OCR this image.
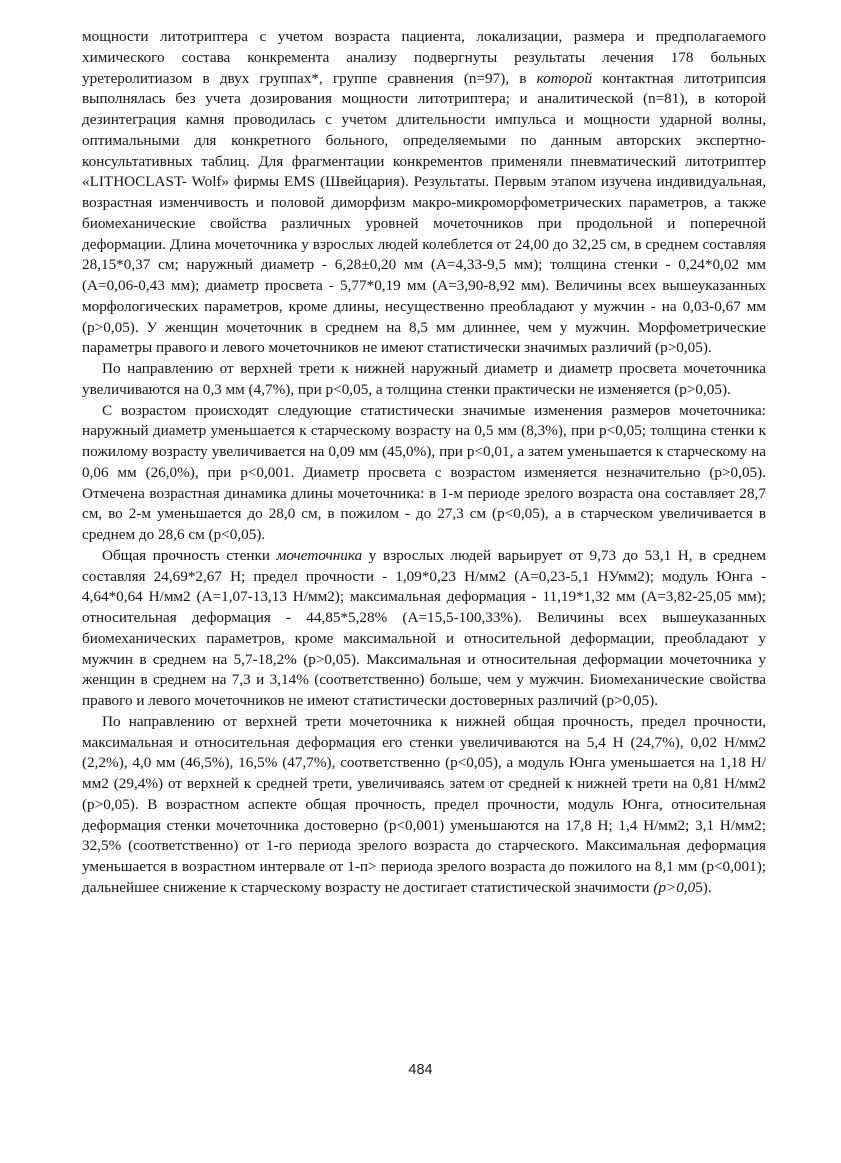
мощности литотриптера с учетом возраста пациента, локализации, размера и предполагаемого химического состава конкремента анализу подвергнуты результаты лечения 178 больных уретеролитиазом в двух группах*, группе сравнения (n=97), в которой контактная литотрипсия выполнялась без учета дозирования мощности литотриптера; и аналитической (n=81), в которой дезинтеграция камня проводилась с учетом длительности импульса и мощности ударной волны, оптимальными для конкретного больного, определяемыми по данным авторских экспертно-консультативных таблиц. Для фрагментации конкрементов применяли пневматический литотриптер «LITHOCLAST- Wolf» фирмы EMS (Швейцария). Результаты. Первым этапом изучена индивидуальная, возрастная изменчивость и половой диморфизм макро-микроморфометрических параметров, а также биомеханические свойства различных уровней мочеточников при продольной и поперечной деформации. Длина мочеточника у взрослых людей колеблется от 24,00 до 32,25 см, в среднем составляя 28,15*0,37 см; наружный диаметр - 6,28±0,20 мм (А=4,33-9,5 мм); толщина стенки - 0,24*0,02 мм (А=0,06-0,43 мм); диаметр просвета - 5,77*0,19 мм (А=3,90-8,92 мм). Величины всех вышеуказанных морфологических параметров, кроме длины, несущественно преобладают у мужчин - на 0,03-0,67 мм (р>0,05). У женщин мочеточник в среднем на 8,5 мм длиннее, чем у мужчин. Морфометрические параметры правого и левого мочеточников не имеют статистически значимых различий (р>0,05).

По направлению от верхней трети к нижней наружный диаметр и диаметр просвета мочеточника увеличиваются на 0,3 мм (4,7%), при р<0,05, а толщина стенки практически не изменяется (р>0,05).

С возрастом происходят следующие статистически значимые изменения размеров мочеточника: наружный диаметр уменьшается к старческому возрасту на 0,5 мм (8,3%), при р<0,05; толщина стенки к пожилому возрасту увеличивается на 0,09 мм (45,0%), при р<0,01, а затем уменьшается к старческому на 0,06 мм (26,0%), при р<0,001. Диаметр просвета с возрастом изменяется незначительно (р>0,05). Отмечена возрастная динамика длины мочеточника: в 1-м периоде зрелого возраста она составляет 28,7 см, во 2-м уменьшается до 28,0 см, в пожилом - до 27,3 см (р<0,05), а в старческом увеличивается в среднем до 28,6 см (р<0,05).

Общая прочность стенки мочеточника у взрослых людей варьирует от 9,73 до 53,1 Н, в среднем составляя 24,69*2,67 Н; предел прочности - 1,09*0,23 Н/мм2 (А=0,23-5,1 НУмм2); модуль Юнга - 4,64*0,64 Н/мм2 (А=1,07-13,13 Н/мм2); максимальная деформация - 11,19*1,32 мм (А=3,82-25,05 мм); относительная деформация - 44,85*5,28% (А=15,5-100,33%). Величины всех вышеуказанных биомеханических параметров, кроме максимальной и относительной деформации, преобладают у мужчин в среднем на 5,7-18,2% (р>0,05). Максимальная и относительная деформации мочеточника у женщин в среднем на 7,3 и 3,14% (соответственно) больше, чем у мужчин. Биомеханические свойства правого и левого мочеточников не имеют статистически достоверных различий (р>0,05).

По направлению от верхней трети мочеточника к нижней общая прочность, предел прочности, максимальная и относительная деформация его стенки увеличиваются на 5,4 Н (24,7%), 0,02 Н/мм2 (2,2%), 4,0 мм (46,5%), 16,5% (47,7%), соответственно (р<0,05), а модуль Юнга уменьшается на 1,18 Н/мм2 (29,4%) от верхней к средней трети, увеличиваясь затем от средней к нижней трети на 0,81 Н/мм2 (р>0,05). В возрастном аспекте общая прочность, предел прочности, модуль Юнга, относительная деформация стенки мочеточника достоверно (р<0,001) уменьшаются на 17,8 Н; 1,4 Н/мм2; 3,1 Н/мм2; 32,5% (соответственно) от 1-го периода зрелого возраста до старческого. Максимальная деформация уменьшается в возрастном интервале от 1-п> периода зрелого возраста до пожилого на 8,1 мм (р<0,001); дальнейшее снижение к старческому возрасту не достигает статистической значимости (р>0,05).

484
